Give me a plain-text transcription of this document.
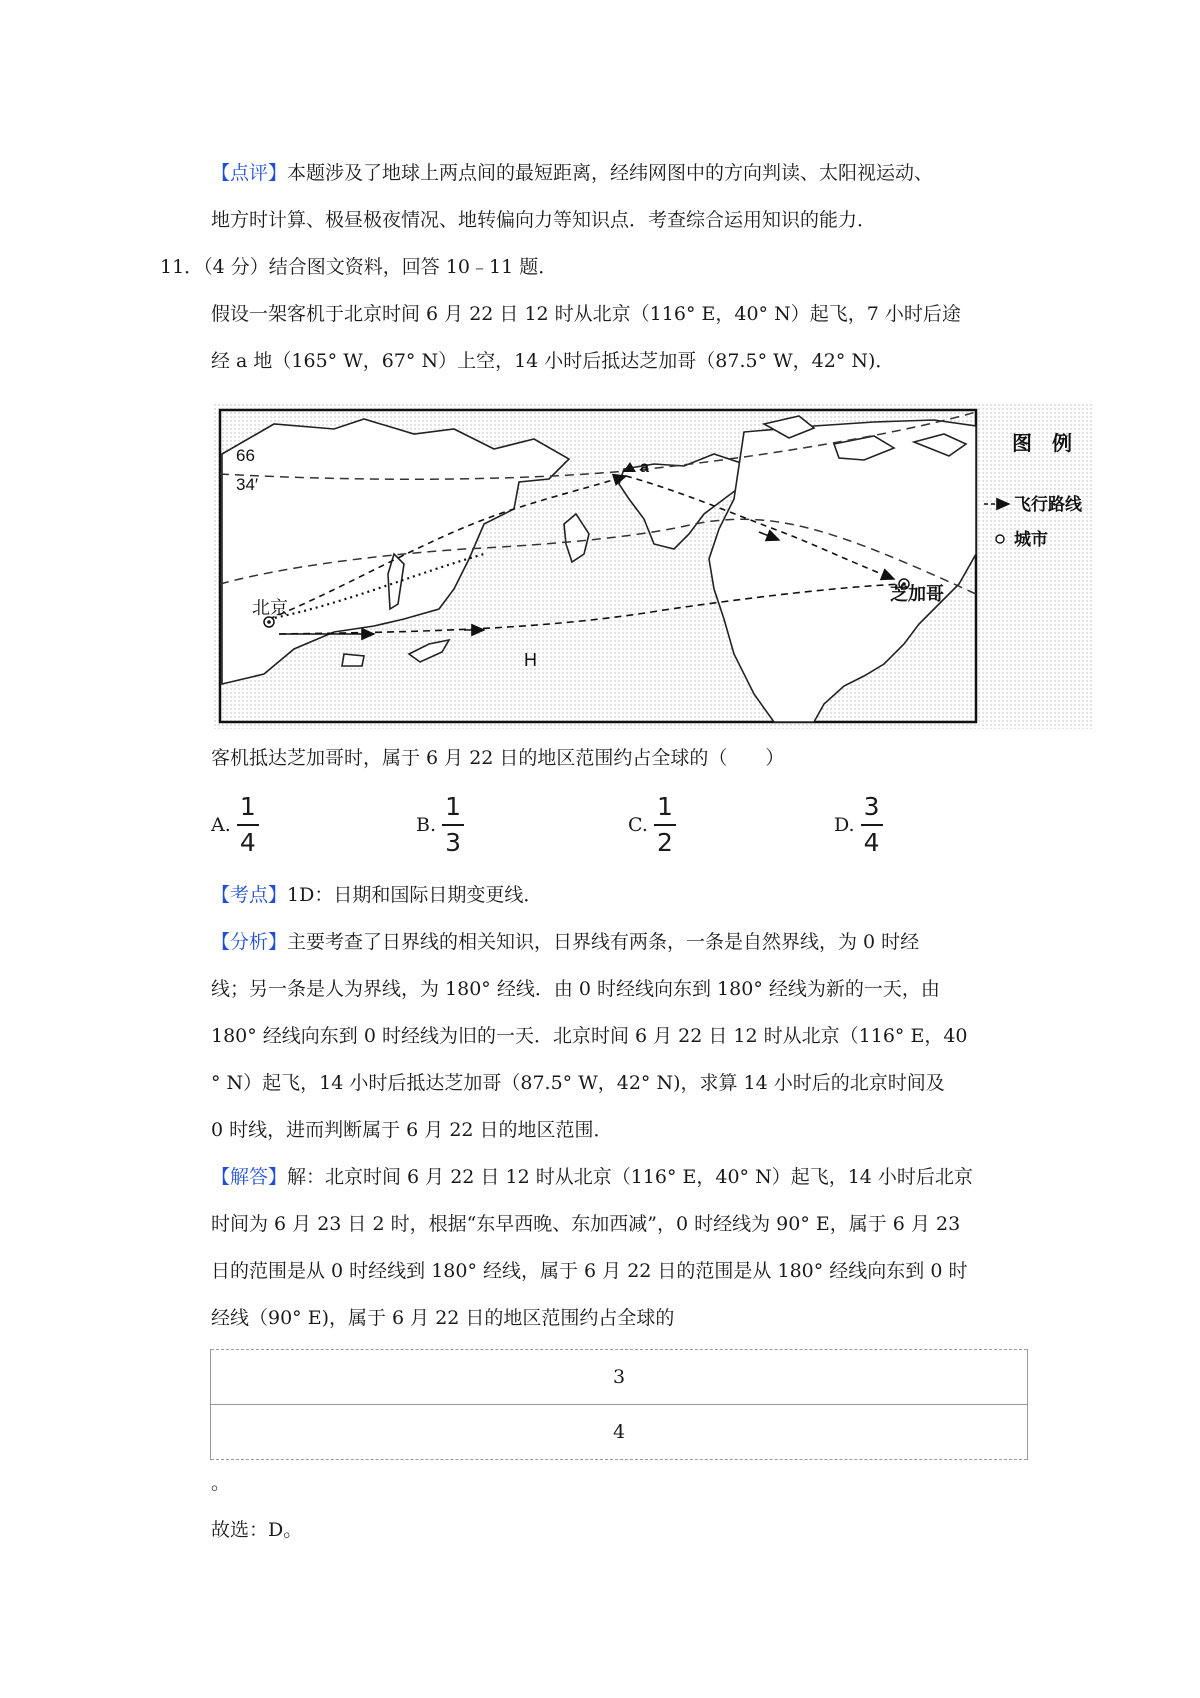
【点评】本题涉及了地球上两点间的最短距离，经纬网图中的方向判读、太阳视运动、
地方时计算、极昼极夜情况、地转偏向力等知识点．考查综合运用知识的能力．
11．（4 分）结合图文资料，回答 10﹣11 题．
假设一架客机于北京时间 6 月 22 日 12 时从北京（116° E，40° N）起飞，7 小时后途
经 a 地（165° W，67° N）上空，14 小时后抵达芝加哥（87.5° W，42° N)．
66
34′
a
北京
芝加哥
H
图　例
飞行路线
城市
客机抵达芝加哥时，属于 6 月 22 日的地区范围约占全球的（　　）
A. $\frac{1}{4}$	B. $\frac{1}{3}$	C. $\frac{1}{2}$	D. $\frac{3}{4}$
【考点】1D：日期和国际日期变更线．
【分析】主要考查了日界线的相关知识，日界线有两条，一条是自然界线，为 0 时经
线；另一条是人为界线，为 180° 经线．由 0 时经线向东到 180° 经线为新的一天，由
180° 经线向东到 0 时经线为旧的一天．北京时间 6 月 22 日 12 时从北京（116° E，40
° N）起飞，14 小时后抵达芝加哥（87.5° W，42° N)，求算 14 小时后的北京时间及
0 时线，进而判断属于 6 月 22 日的地区范围．
【解答】解：北京时间 6 月 22 日 12 时从北京（116° E，40° N）起飞，14 小时后北京
时间为 6 月 23 日 2 时，根据“东早西晚、东加西减”，0 时经线为 90° E，属于 6 月 23
日的范围是从 0 时经线到 180° 经线，属于 6 月 22 日的范围是从 180° 经线向东到 0 时
经线（90° E)，属于 6 月 22 日的地区范围约占全球的
3
4
。
故选：D。
